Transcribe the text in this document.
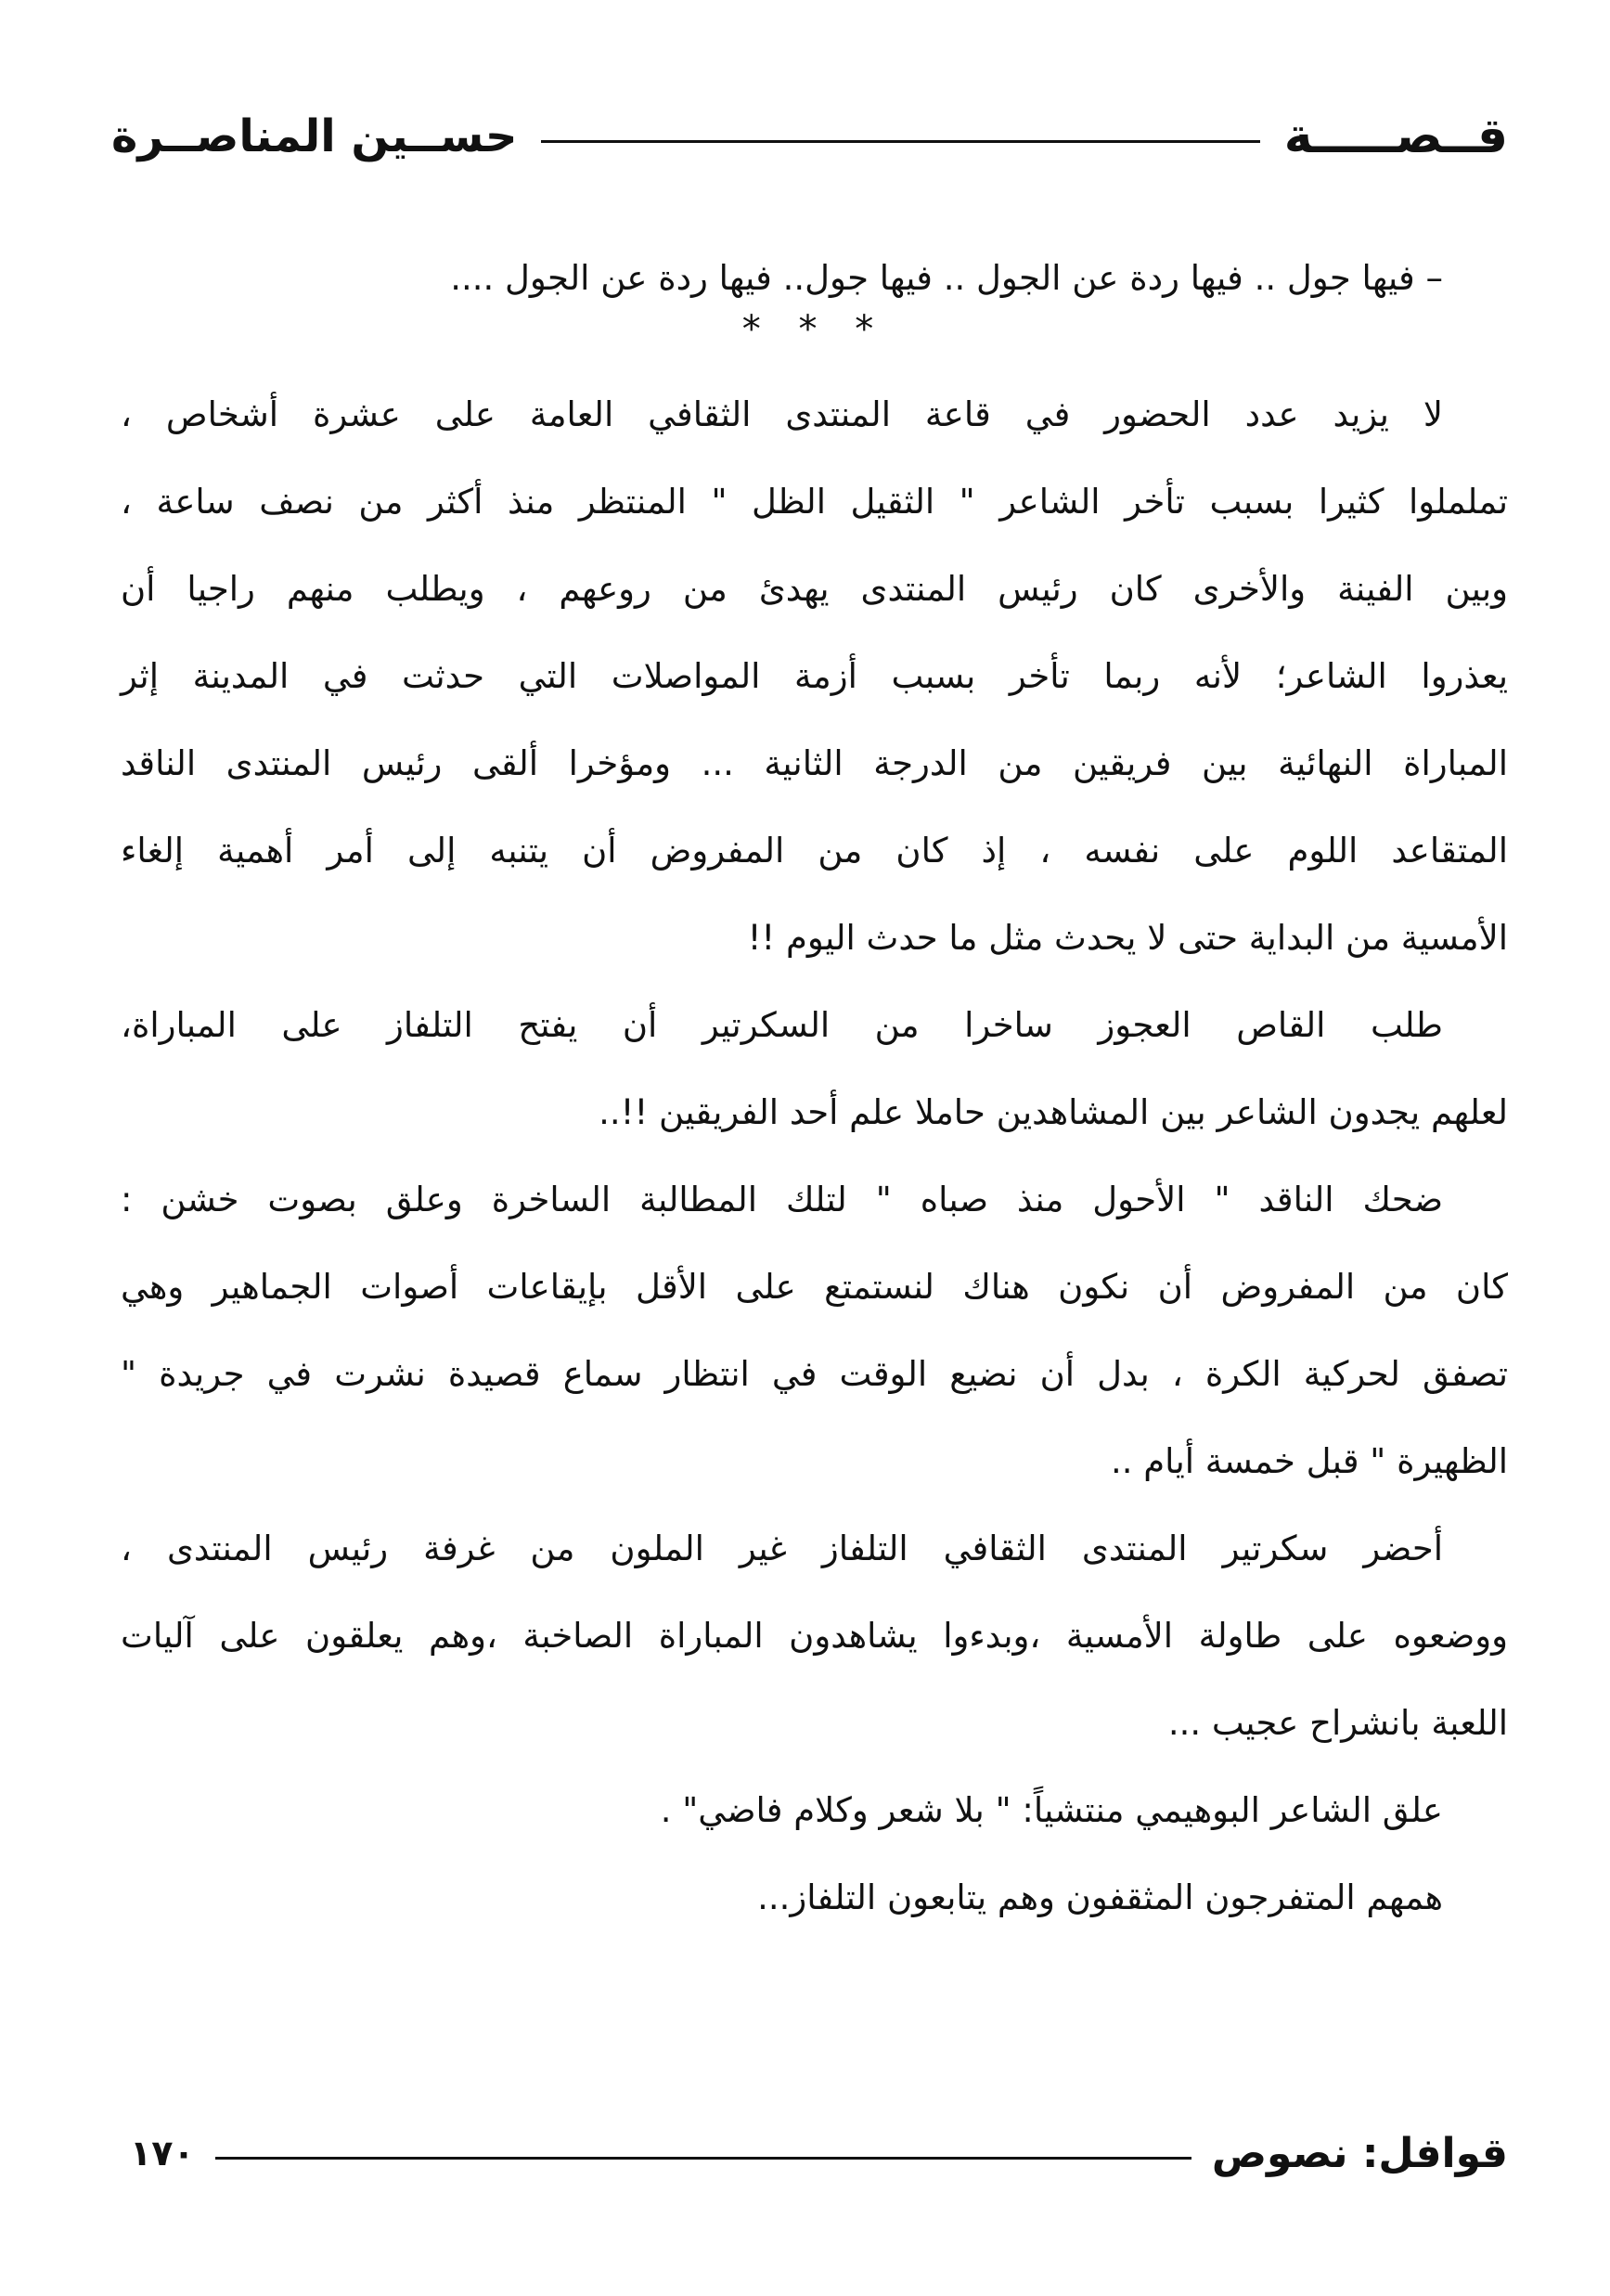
قــصـــــة
حســين المناصــرة
– فيها جول .. فيها ردة عن الجول .. فيها جول.. فيها ردة عن الجول ....
* * *
لا يزيد عدد الحضور في قاعة المنتدى الثقافي العامة على عشرة أشخاص ،
تململوا كثيرا بسبب تأخر الشاعر " الثقيل الظل " المنتظر منذ أكثر من نصف ساعة ،
وبين الفينة والأخرى كان رئيس المنتدى يهدئ من روعهم ، ويطلب منهم راجيا أن
يعذروا الشاعر؛ لأنه ربما تأخر بسبب أزمة المواصلات التي حدثت في المدينة إثر
المباراة النهائية بين فريقين من الدرجة الثانية ... ومؤخرا ألقى رئيس المنتدى الناقد
المتقاعد اللوم على نفسه ، إذ كان من المفروض أن يتنبه إلى أمر أهمية إلغاء
الأمسية من البداية حتى لا يحدث مثل ما حدث اليوم !!
طلب القاص العجوز ساخرا من السكرتير أن يفتح التلفاز على المباراة،
لعلهم يجدون الشاعر بين المشاهدين حاملا علم أحد الفريقين !!..
ضحك الناقد " الأحول منذ صباه " لتلك المطالبة الساخرة وعلق بصوت خشن :
كان من المفروض أن نكون هناك لنستمتع على الأقل بإيقاعات أصوات الجماهير وهي
تصفق لحركية الكرة ، بدل أن نضيع الوقت في انتظار سماع قصيدة نشرت في جريدة "
الظهيرة " قبل خمسة أيام ..
أحضر سكرتير المنتدى الثقافي التلفاز غير الملون من غرفة رئيس المنتدى ،
ووضعوه على طاولة الأمسية ،وبدءوا يشاهدون المباراة الصاخبة ،وهم يعلقون على آليات
اللعبة بانشراح عجيب ...
علق الشاعر البوهيمي منتشياً: " بلا شعر وكلام فاضي" .
همهم المتفرجون المثقفون وهم يتابعون التلفاز...
قوافل: نصوص
١٧٠
